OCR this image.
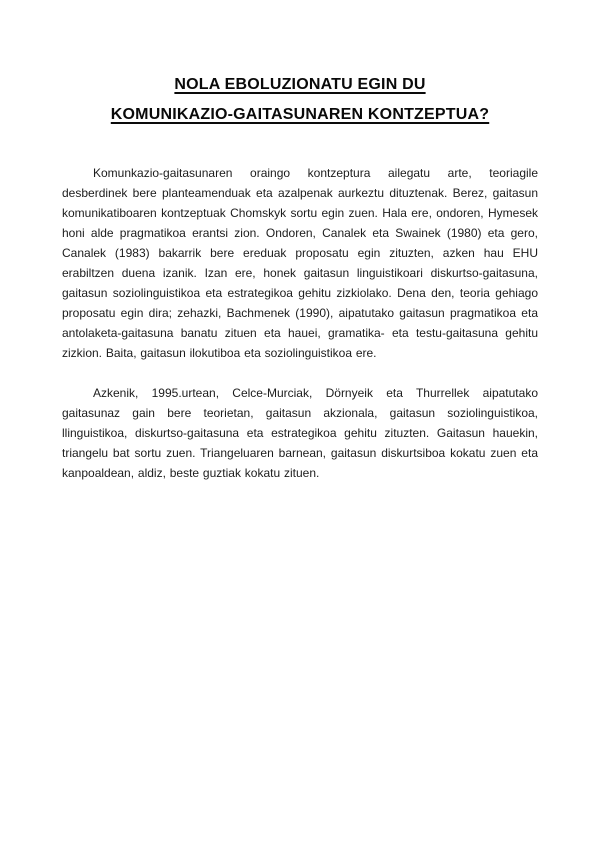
NOLA EBOLUZIONATU EGIN DU
KOMUNIKAZIO-GAITASUNAREN KONTZEPTUA?

Komunkazio-gaitasunaren oraingo kontzeptura ailegatu arte, teoriagile desberdinek bere planteamenduak eta azalpenak aurkeztu dituztenak. Berez, gaitasun komunikatiboaren kontzeptuak Chomskyk sortu egin zuen. Hala ere, ondoren, Hymesek honi alde pragmatikoa erantsi zion. Ondoren, Canalek eta Swainek (1980) eta gero, Canalek (1983) bakarrik bere ereduak proposatu egin zituzten, azken hau EHU erabiltzen duena izanik. Izan ere, honek gaitasun linguistikoari diskurtso-gaitasuna, gaitasun soziolinguistikoa eta estrategikoa gehitu zizkiolako. Dena den, teoria gehiago proposatu egin dira; zehazki, Bachmenek (1990), aipatutako gaitasun pragmatikoa eta antolaketa-gaitasuna banatu zituen eta hauei, gramatika- eta testu-gaitasuna gehitu zizkion. Baita, gaitasun ilokutiboa eta soziolinguistikoa ere.

Azkenik, 1995.urtean, Celce-Murciak, Dörnyeik eta Thurrellek aipatutako gaitasunaz gain bere teorietan, gaitasun akzionala, gaitasun soziolinguistikoa, llinguistikoa, diskurtso-gaitasuna eta estrategikoa gehitu zituzten. Gaitasun hauekin, triangelu bat sortu zuen. Triangeluaren barnean, gaitasun diskurtsiboa kokatu zuen eta kanpoaldean, aldiz, beste guztiak kokatu zituen.
